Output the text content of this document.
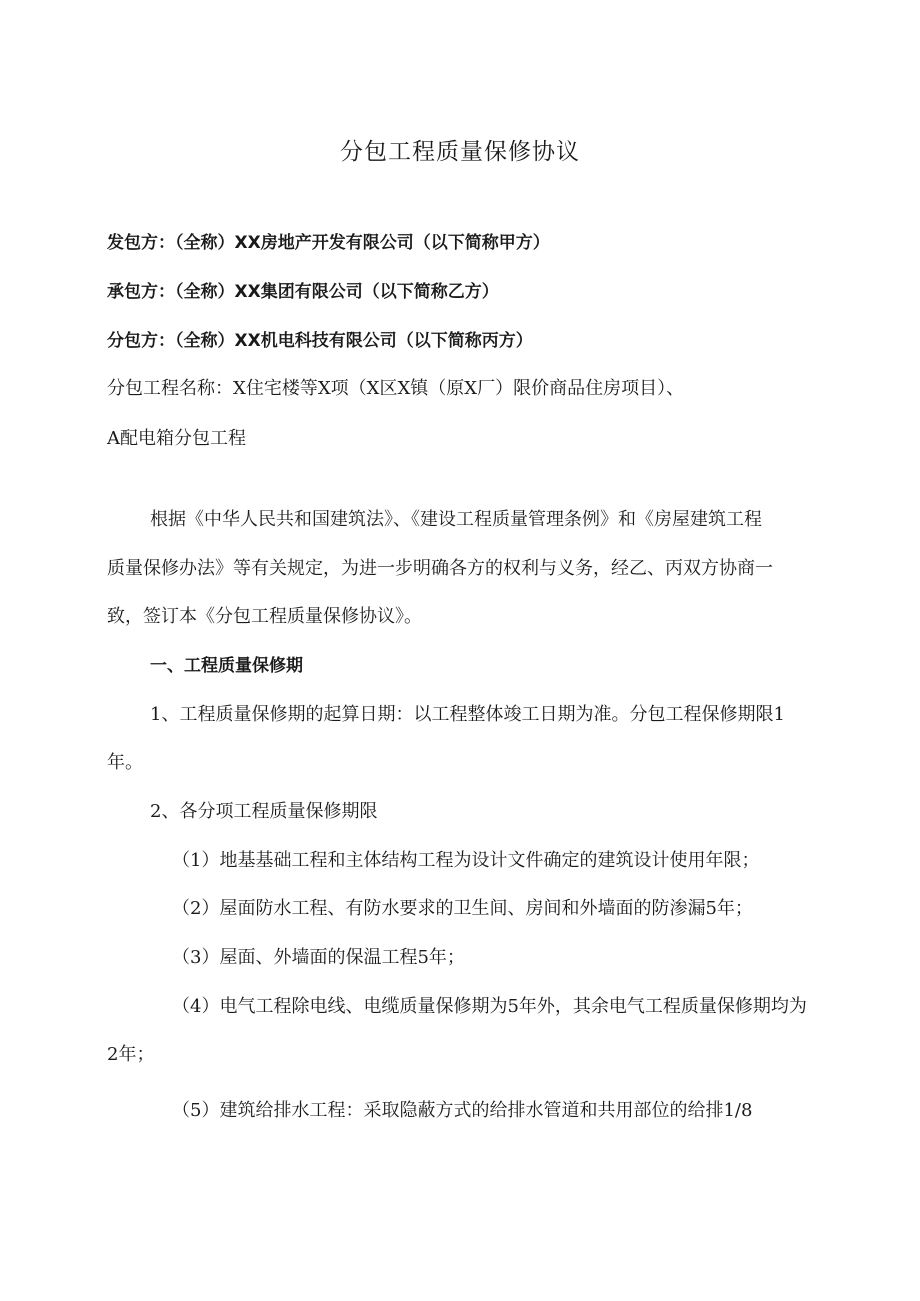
分包工程质量保修协议
发包方：（全称）XX房地产开发有限公司（以下简称甲方）
承包方：（全称）XX集团有限公司（以下简称乙方）
分包方：（全称）XX机电科技有限公司（以下简称丙方）
分包工程名称：X住宅楼等X项（X区X镇（原X厂）限价商品住房项目）、
A配电箱分包工程
根据《中华人民共和国建筑法》、《建设工程质量管理条例》和《房屋建筑工程
质量保修办法》等有关规定，为进一步明确各方的权利与义务，经乙、丙双方协商一
致，签订本《分包工程质量保修协议》。
一、工程质量保修期
1、工程质量保修期的起算日期：以工程整体竣工日期为准。分包工程保修期限1
年。
2、各分项工程质量保修期限
（1）地基基础工程和主体结构工程为设计文件确定的建筑设计使用年限；
（2）屋面防水工程、有防水要求的卫生间、房间和外墙面的防渗漏5年；
（3）屋面、外墙面的保温工程5年；
（4）电气工程除电线、电缆质量保修期为5年外，其余电气工程质量保修期均为
2年；
（5）建筑给排水工程：采取隐蔽方式的给排水管道和共用部位的给排1/8
